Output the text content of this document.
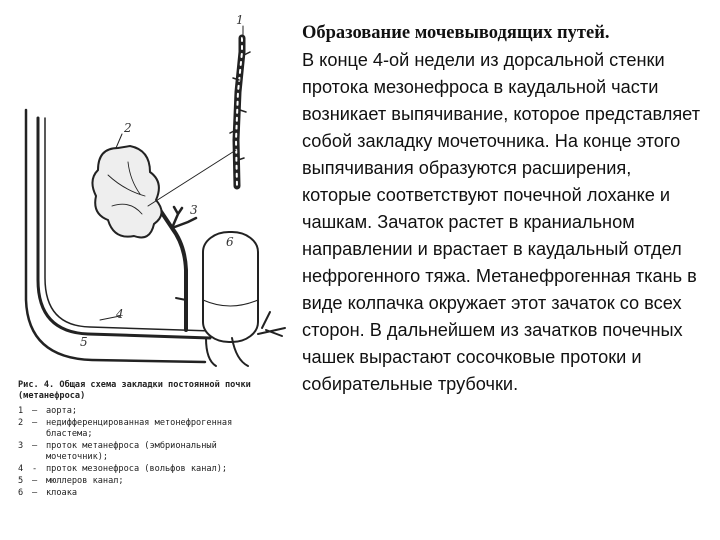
1
2
3
4
5
6
Рис. 4. Общая схема закладки постоянной почки (метанефроса)
1	—	аорта;
2	—	недифференцированная метонефрогенная бластема;
3	—	проток метанефроса (эмбриональный мочеточник);
4	-	проток мезонефроса (вольфов канал);
5	—	мюллеров канал;
6	—	клоака
Образование мочевыводящих путей.

В конце 4-ой недели из дорсальной стенки протока мезонефроса в каудальной части возникает выпячивание, которое представляет собой закладку мочеточника. На конце этого выпячивания образуются расширения, которые соответствуют почечной лоханке и чашкам. Зачаток растет в краниальном направлении и врастает в каудальный отдел нефрогенного тяжа. Метанефрогенная ткань в виде колпачка окружает этот зачаток со всех сторон. В дальнейшем из зачатков почечных чашек вырастают сосочковые протоки и собирательные трубочки.
